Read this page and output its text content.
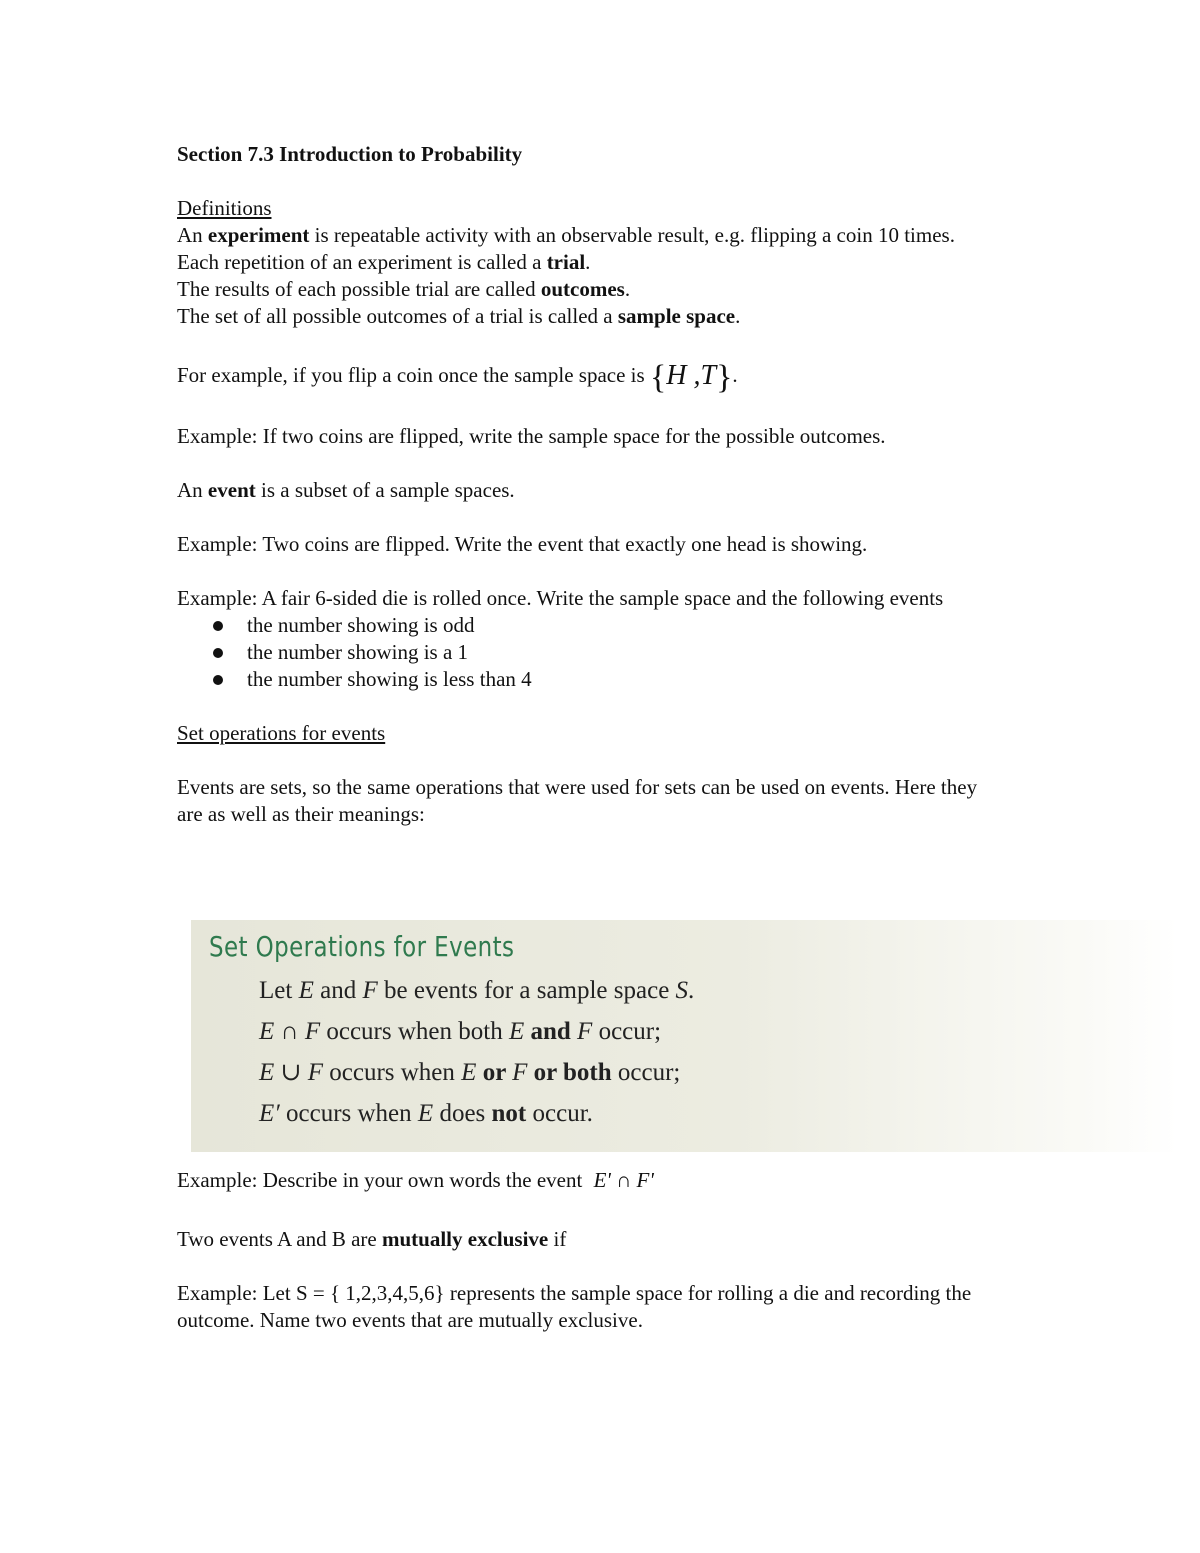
Section 7.3 Introduction to Probability

Definitions

An experiment is repeatable activity with an observable result, e.g. flipping a coin 10 times.

Each repetition of an experiment is called a trial.

The results of each possible trial are called outcomes.

The set of all possible outcomes of a trial is called a sample space.

For example, if you flip a coin once the sample space is {H ,T}.

Example: If two coins are flipped, write the sample space for the possible outcomes.

An event is a subset of a sample spaces.

Example: Two coins are flipped. Write the event that exactly one head is showing.

Example: A fair 6-sided die is rolled once. Write the sample space and the following events

the number showing is odd
the number showing is a 1
the number showing is less than 4

Set operations for events

Events are sets, so the same operations that were used for sets can be used on events. Here they are as well as their meanings:

Set Operations for Events
Let E and F be events for a sample space S.
E ∩ F occurs when both E and F occur;
E ∪ F occurs when E or F or both occur;
E′ occurs when E does not occur.

Example: Describe in your own words the event E' ∩ F'

Two events A and B are mutually exclusive if

Example: Let S = { 1,2,3,4,5,6} represents the sample space for rolling a die and recording the outcome. Name two events that are mutually exclusive.
